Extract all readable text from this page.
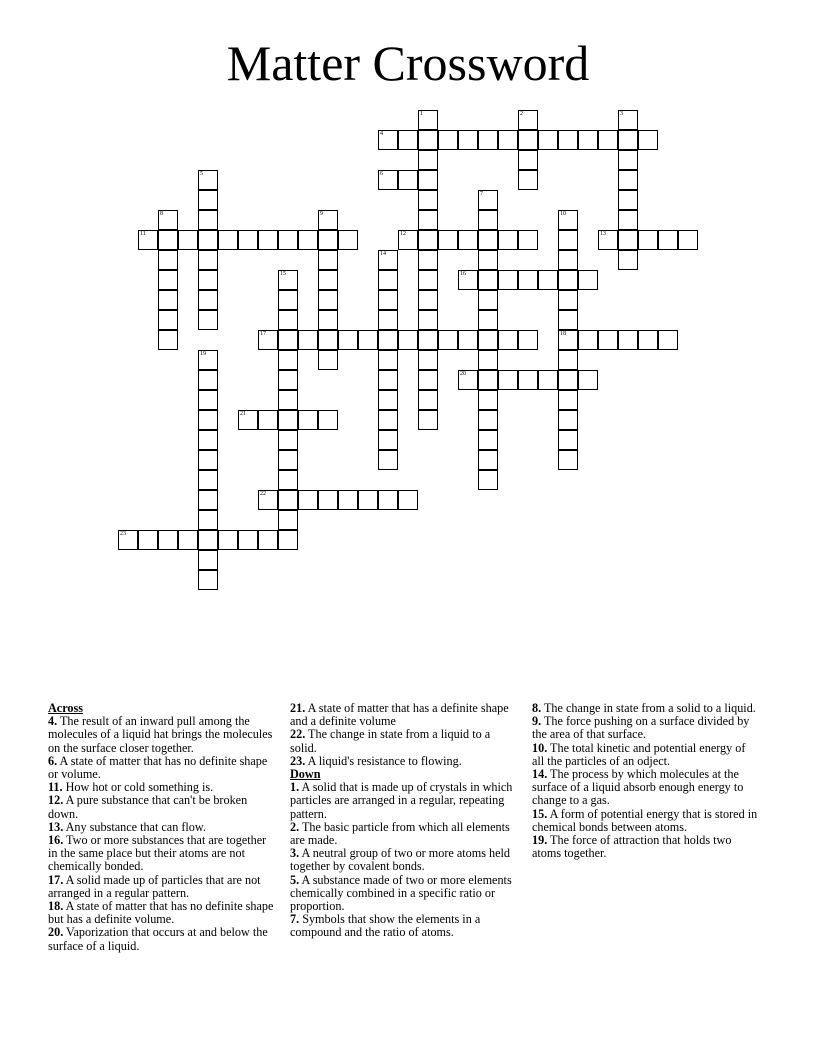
Matter Crossword
1	2	3
4
5	6
7
8	9	10
11	12	13
14
15	16
17	18
19
20
21
22
23
Across
4. The result of an inward pull among the molecules of a liquid hat brings the molecules on the surface closer together.
6. A state of matter that has no definite shape or volume.
11. How hot or cold something is.
12. A pure substance that can't be broken down.
13. Any substance that can flow.
16. Two or more substances that are together in the same place but their atoms are not chemically bonded.
17. A solid made up of particles that are not arranged in a regular pattern.
18. A state of matter that has no definite shape but has a definite volume.
20. Vaporization that occurs at and below the surface of a liquid.
21. A state of matter that has a definite shape and a definite volume
22. The change in state from a liquid to a solid.
23. A liquid's resistance to flowing.
Down
1. A solid that is made up of crystals in which particles are arranged in a regular, repeating pattern.
2. The basic particle from which all elements are made.
3. A neutral group of two or more atoms held together by covalent bonds.
5. A substance made of two or more elements chemically combined in a specific ratio or proportion.
7. Symbols that show the elements in a compound and the ratio of atoms.
8. The change in state from a solid to a liquid.
9. The force pushing on a surface divided by the area of that surface.
10. The total kinetic and potential energy of all the particles of an odject.
14. The process by which molecules at the surface of a liquid absorb enough energy to change to a gas.
15. A form of potential energy that is stored in chemical bonds between atoms.
19. The force of attraction that holds two atoms together.
